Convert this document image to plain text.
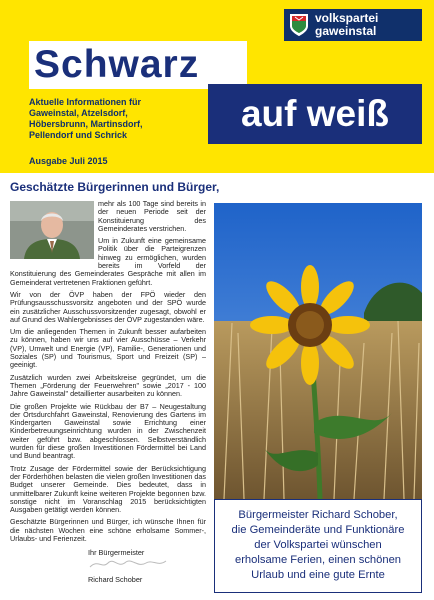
volkspartei
gaweinstal
Schwarz
auf weiß
Aktuelle Informationen für
Gaweinstal, Atzelsdorf,
Höbersbrunn, Martinsdorf,
Pellendorf und Schrick
Ausgabe Juli 2015
Geschätzte Bürgerinnen und Bürger,

mehr als 100 Tage sind bereits in der neuen Periode seit der Konstituierung des Gemeinderates verstrichen.

Um in Zukunft eine gemeinsame Politik über die Parteigrenzen hinweg zu ermöglichen, wurden bereits im Vorfeld der Konstituierung des Gemeinderates Gespräche mit allen im Gemeinderat vertretenen Fraktionen geführt.

Wir von der ÖVP haben der FPÖ wieder den Prüfungsausschussvorsitz angeboten und der SPÖ wurde ein zusätzlicher Ausschussvorsitzender zugesagt, obwohl er auf Grund des Wahlergebnisses der ÖVP zugestanden wäre.

Um die anliegenden Themen in Zukunft besser aufarbeiten zu können, haben wir uns auf vier Ausschüsse – Verkehr (VP), Umwelt und Energie (VP), Familie-, Generationen und Soziales (SP) und Tourismus, Sport und Freizeit (SP) – geeinigt.

Zusätzlich wurden zwei Arbeitskreise gegründet, um die Themen „Förderung der Feuerwehren" sowie „2017 - 100 Jahre Gaweinstal" detaillierter ausarbeiten zu können.

Die großen Projekte wie Rückbau der B7 – Neugestaltung der Ortsdurchfahrt Gaweinstal, Renovierung des Gartens im Kindergarten Gaweinstal sowie Errichtung einer Kinderbetreuungseinrichtung wurden in der Zwischenzeit weiter geführt bzw. abgeschlossen. Selbstverständlich wurden für diese großen Investitionen Fördermittel bei Land und Bund beantragt.

Trotz Zusage der Fördermittel sowie der Berücksichtigung der Förderhöhen belasten die vielen großen Investitionen das Budget unserer Gemeinde. Dies bedeutet, dass in unmittelbarer Zukunft keine weiteren Projekte begonnen bzw. sonstige nicht im Voranschlag 2015 berücksichtigten Ausgaben getätigt werden können.

Geschätzte Bürgerinnen und Bürger, ich wünsche Ihnen für die nächsten Wochen eine schöne erholsame Sommer-, Urlaubs- und Ferienzeit.

Ihr Bürgermeister
Richard Schober
Bürgermeister Richard Schober,
die Gemeinderäte und Funktionäre
der Volkspartei wünschen
erholsame Ferien, einen schönen
Urlaub und eine gute Ernte
